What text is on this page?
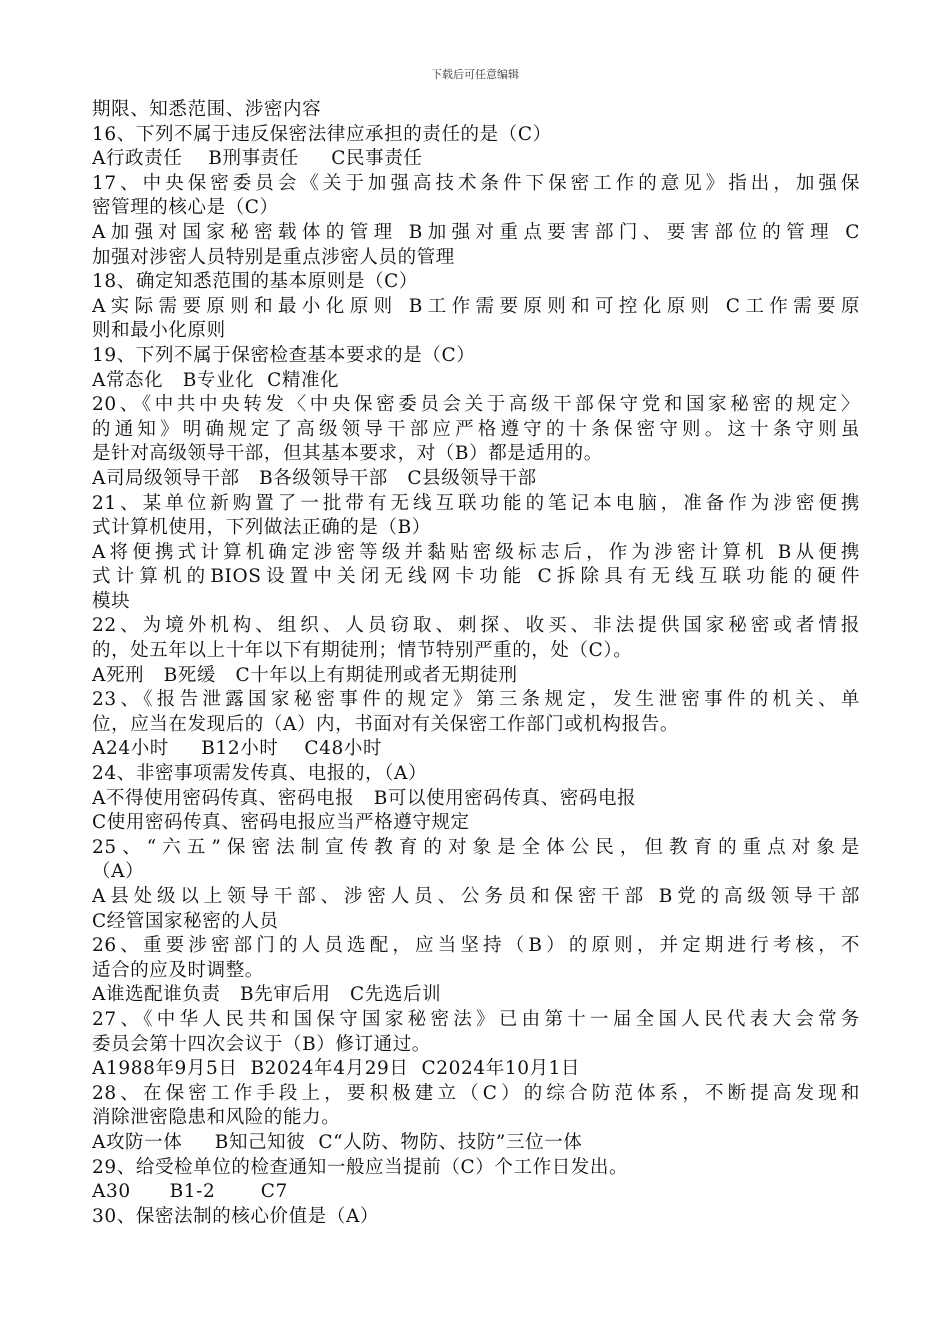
下载后可任意编辑
期限、知悉范围、涉密内容
16、下列不属于违反保密法律应承担的责任的是（C）
A行政责任    B刑事责任     C民事责任
17、中央保密委员会《关于加强高技术条件下保密工作的意见》指出，加强保
密管理的核心是（C）
A加强对国家秘密载体的管理 B加强对重点要害部门、要害部位的管理 C
加强对涉密人员特别是重点涉密人员的管理
18、确定知悉范围的基本原则是（C）
A实际需要原则和最小化原则 B工作需要原则和可控化原则 C工作需要原
则和最小化原则
19、下列不属于保密检查基本要求的是（C）
A常态化   B专业化  C精准化
20、《中共中央转发〈中央保密委员会关于高级干部保守党和国家秘密的规定〉
的通知》明确规定了高级领导干部应严格遵守的十条保密守则。这十条守则虽
是针对高级领导干部，但其基本要求，对（B）都是适用的。
A司局级领导干部   B各级领导干部   C县级领导干部
21、某单位新购置了一批带有无线互联功能的笔记本电脑，准备作为涉密便携
式计算机使用，下列做法正确的是（B）
A将便携式计算机确定涉密等级并黏贴密级标志后，作为涉密计算机 B从便携
式计算机的BIOS设置中关闭无线网卡功能 C拆除具有无线互联功能的硬件
模块
22、为境外机构、组织、人员窃取、刺探、收买、非法提供国家秘密或者情报
的，处五年以上十年以下有期徒刑；情节特别严重的，处（C）。
A死刑   B死缓   C十年以上有期徒刑或者无期徒刑
23、《报告泄露国家秘密事件的规定》第三条规定，发生泄密事件的机关、单
位，应当在发现后的（A）内，书面对有关保密工作部门或机构报告。
A24小时     B12小时    C48小时
24、非密事项需发传真、电报的，（A）
A不得使用密码传真、密码电报   B可以使用密码传真、密码电报
C使用密码传真、密码电报应当严格遵守规定
25、“六五”保密法制宣传教育的对象是全体公民，但教育的重点对象是
（A）
A县处级以上领导干部、涉密人员、公务员和保密干部 B党的高级领导干部
C经管国家秘密的人员
26、重要涉密部门的人员选配，应当坚持（B）的原则，并定期进行考核，不
适合的应及时调整。
A谁选配谁负责   B先审后用   C先选后训
27、《中华人民共和国保守国家秘密法》已由第十一届全国人民代表大会常务
委员会第十四次会议于（B）修订通过。
A1988年9月5日  B2024年4月29日  C2024年10月1日
28、在保密工作手段上，要积极建立（C）的综合防范体系，不断提高发现和
消除泄密隐患和风险的能力。
A攻防一体     B知己知彼  C“人防、物防、技防”三位一体
29、给受检单位的检查通知一般应当提前（C）个工作日发出。
A30      B1-2       C7
30、保密法制的核心价值是（A）
